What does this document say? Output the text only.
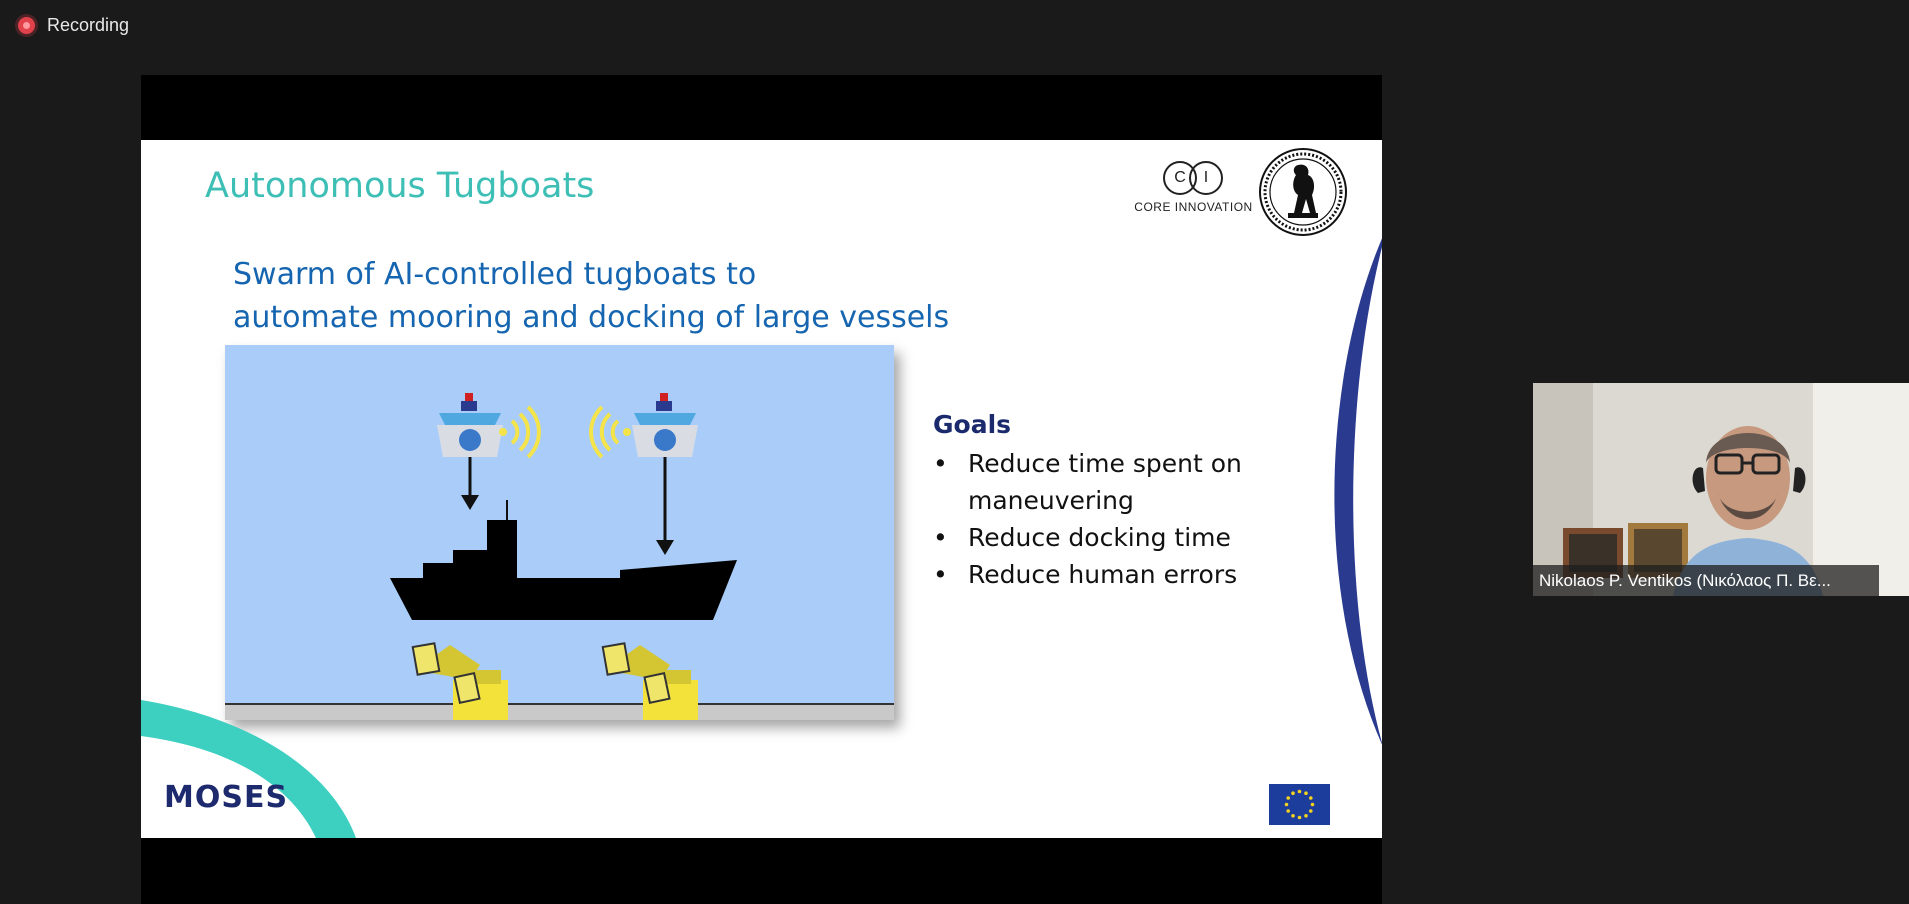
Recording
Autonomous Tugboats
Swarm of AI-controlled tugboats to
automate mooring and docking of large vessels
C	I
CORE INNOVATION
Goals
• Reduce time spent on maneuvering
• Reduce docking time
• Reduce human errors
MOSES
Nikolaos P. Ventikos (Νικόλαος Π. Βε...
